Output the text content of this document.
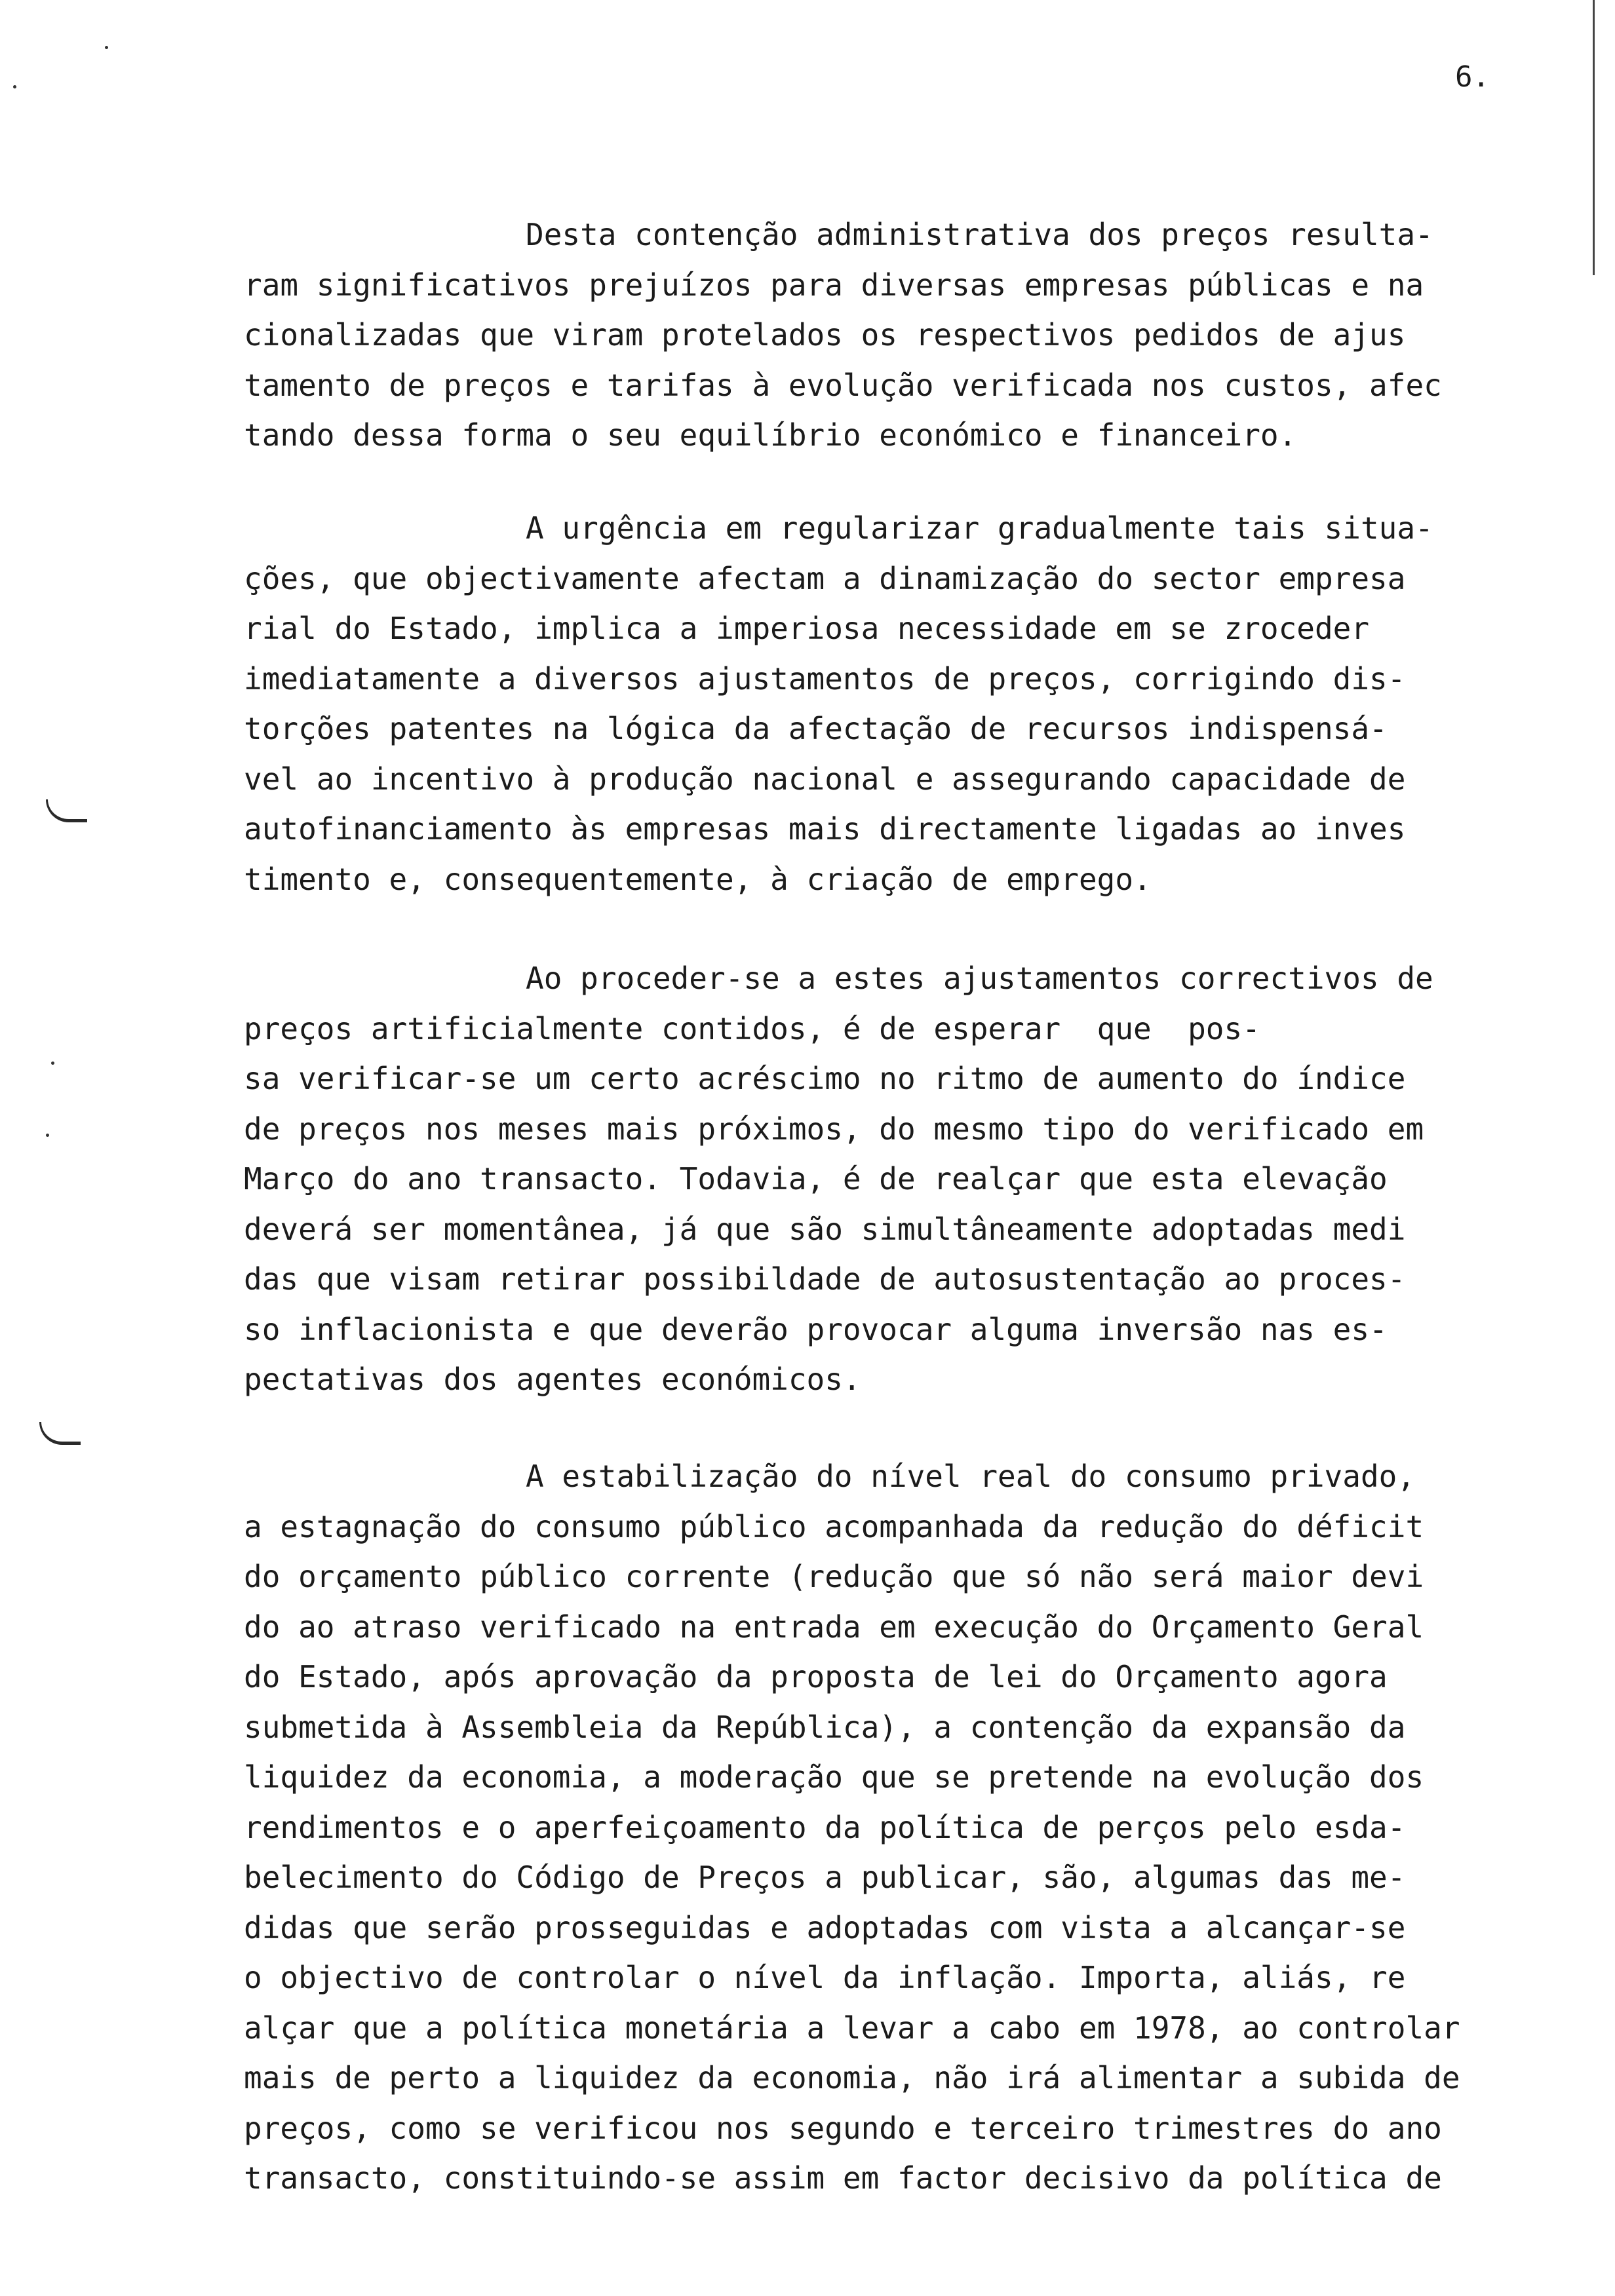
6.
Desta contenção administrativa dos preços resulta-
ram significativos prejuízos para diversas empresas públicas e na
cionalizadas que viram protelados os respectivos pedidos de ajus
tamento de preços e tarifas à evolução verificada nos custos, afec
tando dessa forma o seu equilíbrio económico e financeiro.
A urgência em regularizar gradualmente tais situa-
ções, que objectivamente afectam a dinamização do sector empresa
rial do Estado, implica a imperiosa necessidade em se zroceder
imediatamente a diversos ajustamentos de preços, corrigindo dis-
torções patentes na lógica da afectação de recursos indispensá-
vel ao incentivo à produção nacional e assegurando capacidade de
autofinanciamento às empresas mais directamente ligadas ao inves
timento e, consequentemente, à criação de emprego.
Ao proceder-se a estes ajustamentos correctivos de
preços artificialmente contidos, é de esperar  que  pos-
sa verificar-se um certo acréscimo no ritmo de aumento do índice
de preços nos meses mais próximos, do mesmo tipo do verificado em
Março do ano transacto. Todavia, é de realçar que esta elevação
deverá ser momentânea, já que são simultâneamente adoptadas medi
das que visam retirar possibildade de autosustentação ao proces-
so inflacionista e que deverão provocar alguma inversão nas es-
pectativas dos agentes económicos.
A estabilização do nível real do consumo privado,
a estagnação do consumo público acompanhada da redução do déficit
do orçamento público corrente (redução que só não será maior devi
do ao atraso verificado na entrada em execução do Orçamento Geral
do Estado, após aprovação da proposta de lei do Orçamento agora
submetida à Assembleia da República), a contenção da expansão da
liquidez da economia, a moderação que se pretende na evolução dos
rendimentos e o aperfeiçoamento da política de perços pelo esda-
belecimento do Código de Preços a publicar, são, algumas das me-
didas que serão prosseguidas e adoptadas com vista a alcançar-se
o objectivo de controlar o nível da inflação. Importa, aliás, re
alçar que a política monetária a levar a cabo em 1978, ao controlar
mais de perto a liquidez da economia, não irá alimentar a subida de
preços, como se verificou nos segundo e terceiro trimestres do ano
transacto, constituindo-se assim em factor decisivo da política de
